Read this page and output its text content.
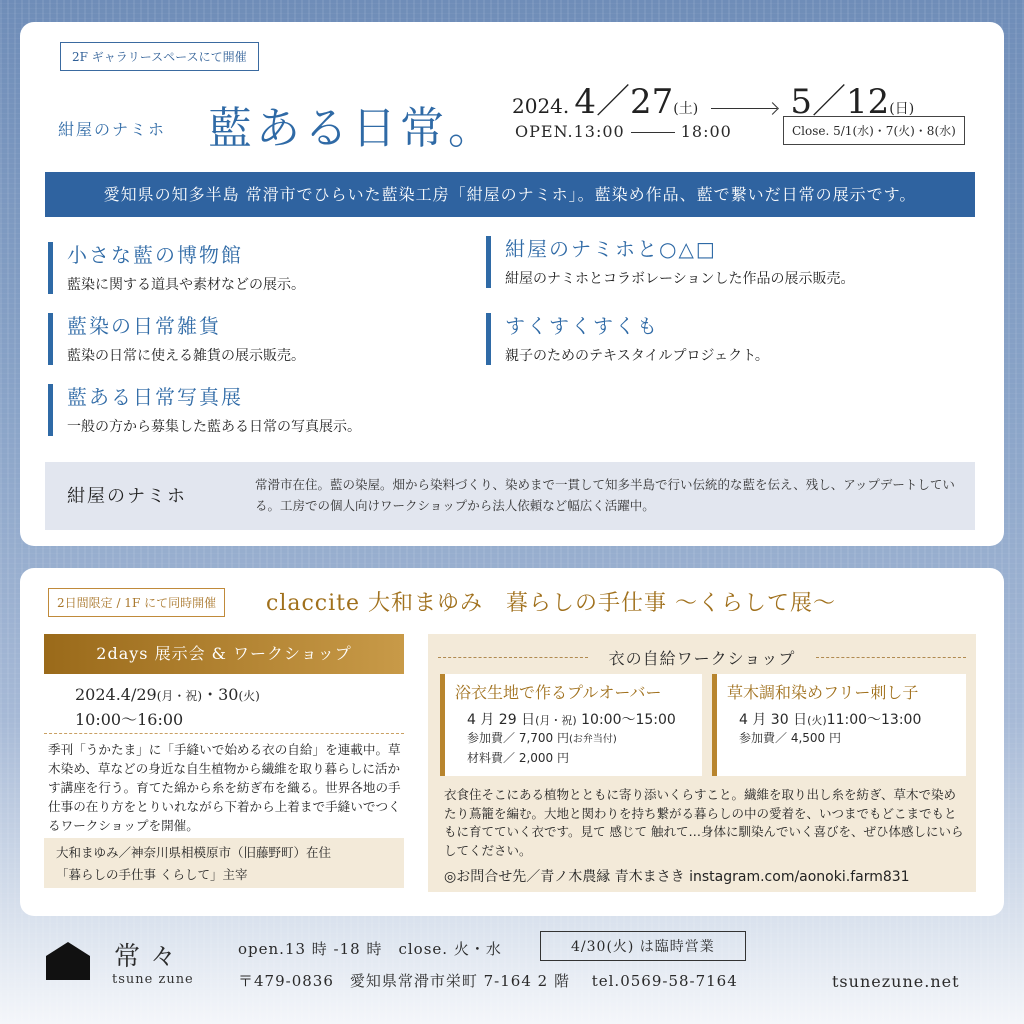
2F ギャラリースペースにて開催
紺屋のナミホ 藍ある日常。 2024. 4／27(土)	5／12(日)
OPEN.13:00	18:00	Close. 5/1(水)・7(火)・8(水)
愛知県の知多半島 常滑市でひらいた藍染工房「紺屋のナミホ」。藍染め作品、藍で繋いだ日常の展示です。
小さな藍の博物館
藍染に関する道具や素材などの展示。
藍染の日常雑貨
藍染の日常に使える雑貨の展示販売。
藍ある日常写真展
一般の方から募集した藍ある日常の写真展示。
紺屋のナミホと○△□
紺屋のナミホとコラボレーションした作品の展示販売。
すくすくすくも
親子のためのテキスタイルプロジェクト。
紺屋のナミホ
常滑市在住。藍の染屋。畑から染料づくり、染めまで一貫して知多半島で行い伝統的な藍を伝え、残し、アップデートしている。工房での個人向けワークショップから法人依頼など幅広く活躍中。
2日間限定 / 1F にて同時開催	claccite 大和まゆみ　暮らしの手仕事 〜くらして展〜
2days 展示会 & ワークショップ
2024.4/29(月・祝)・30(火)
10:00〜16:00
季刊「うかたま」に「手縫いで始める衣の自給」を連載中。草木染め、草などの身近な自生植物から繊維を取り暮らしに活かす講座を行う。育てた綿から糸を紡ぎ布を織る。世界各地の手仕事の在り方をとりいれながら下着から上着まで手縫いでつくるワークショップを開催。
大和まゆみ／神奈川県相模原市（旧藤野町）在住
「暮らしの手仕事 くらして」主宰
衣の自給ワークショップ
浴衣生地で作るプルオーバー
4 月 29 日(月・祝) 10:00〜15:00
参加費／ 7,700 円(お弁当付)
材料費／ 2,000 円
草木調和染めフリー刺し子
4 月 30 日(火)11:00〜13:00
参加費／ 4,500 円
衣食住そこにある植物とともに寄り添いくらすこと。繊維を取り出し糸を紡ぎ、草木で染めたり蔦籠を編む。大地と関わりを持ち繋がる暮らしの中の愛着を、いつまでもどこまでもともに育てていく衣です。見て 感じて 触れて…身体に馴染んでいく喜びを、ぜひ体感しにいらしてください。
◎お問合せ先／青ノ木農縁 青木まさき instagram.com/aonoki.farm831
常々
tsune zune
open.13 時 -18 時　close. 火・水	4/30(火) は臨時営業
〒479-0836　愛知県常滑市栄町 7-164 2 階　 tel.0569-58-7164	tsunezune.net
